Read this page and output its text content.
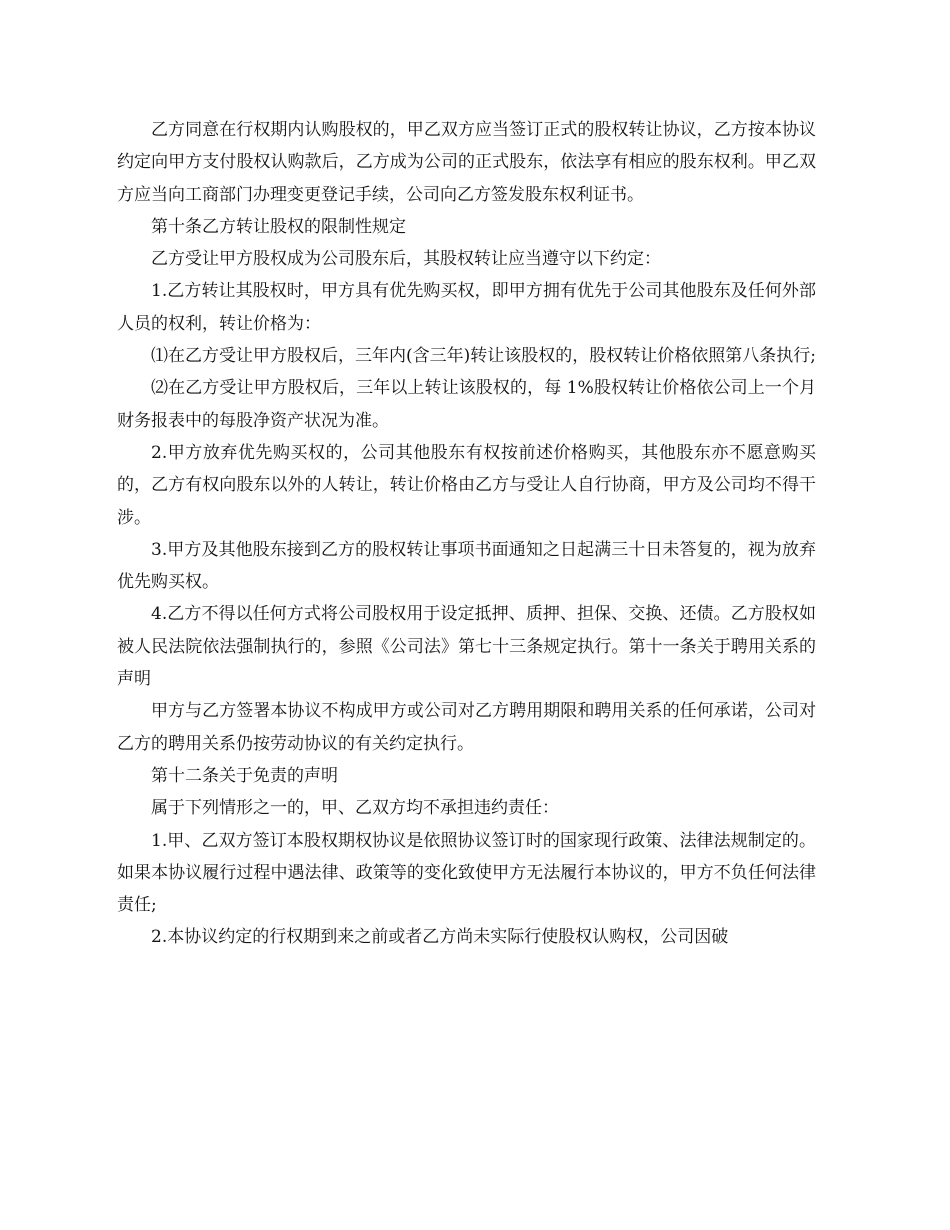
乙方同意在行权期内认购股权的，甲乙双方应当签订正式的股权转让协议，乙方按本协议约定向甲方支付股权认购款后，乙方成为公司的正式股东，依法享有相应的股东权利。甲乙双方应当向工商部门办理变更登记手续，公司向乙方签发股东权利证书。

第十条乙方转让股权的限制性规定

乙方受让甲方股权成为公司股东后，其股权转让应当遵守以下约定：

1.乙方转让其股权时，甲方具有优先购买权，即甲方拥有优先于公司其他股东及任何外部人员的权利，转让价格为：

⑴在乙方受让甲方股权后，三年内(含三年)转让该股权的，股权转让价格依照第八条执行;

⑵在乙方受让甲方股权后，三年以上转让该股权的，每 1%股权转让价格依公司上一个月财务报表中的每股净资产状况为准。

2.甲方放弃优先购买权的，公司其他股东有权按前述价格购买，其他股东亦不愿意购买的，乙方有权向股东以外的人转让，转让价格由乙方与受让人自行协商，甲方及公司均不得干涉。

3.甲方及其他股东接到乙方的股权转让事项书面通知之日起满三十日未答复的，视为放弃优先购买权。

4.乙方不得以任何方式将公司股权用于设定抵押、质押、担保、交换、还债。乙方股权如被人民法院依法强制执行的，参照《公司法》第七十三条规定执行。第十一条关于聘用关系的声明

甲方与乙方签署本协议不构成甲方或公司对乙方聘用期限和聘用关系的任何承诺，公司对乙方的聘用关系仍按劳动协议的有关约定执行。

第十二条关于免责的声明

属于下列情形之一的，甲、乙双方均不承担违约责任：

1.甲、乙双方签订本股权期权协议是依照协议签订时的国家现行政策、法律法规制定的。如果本协议履行过程中遇法律、政策等的变化致使甲方无法履行本协议的，甲方不负任何法律责任;

2.本协议约定的行权期到来之前或者乙方尚未实际行使股权认购权，公司因破
